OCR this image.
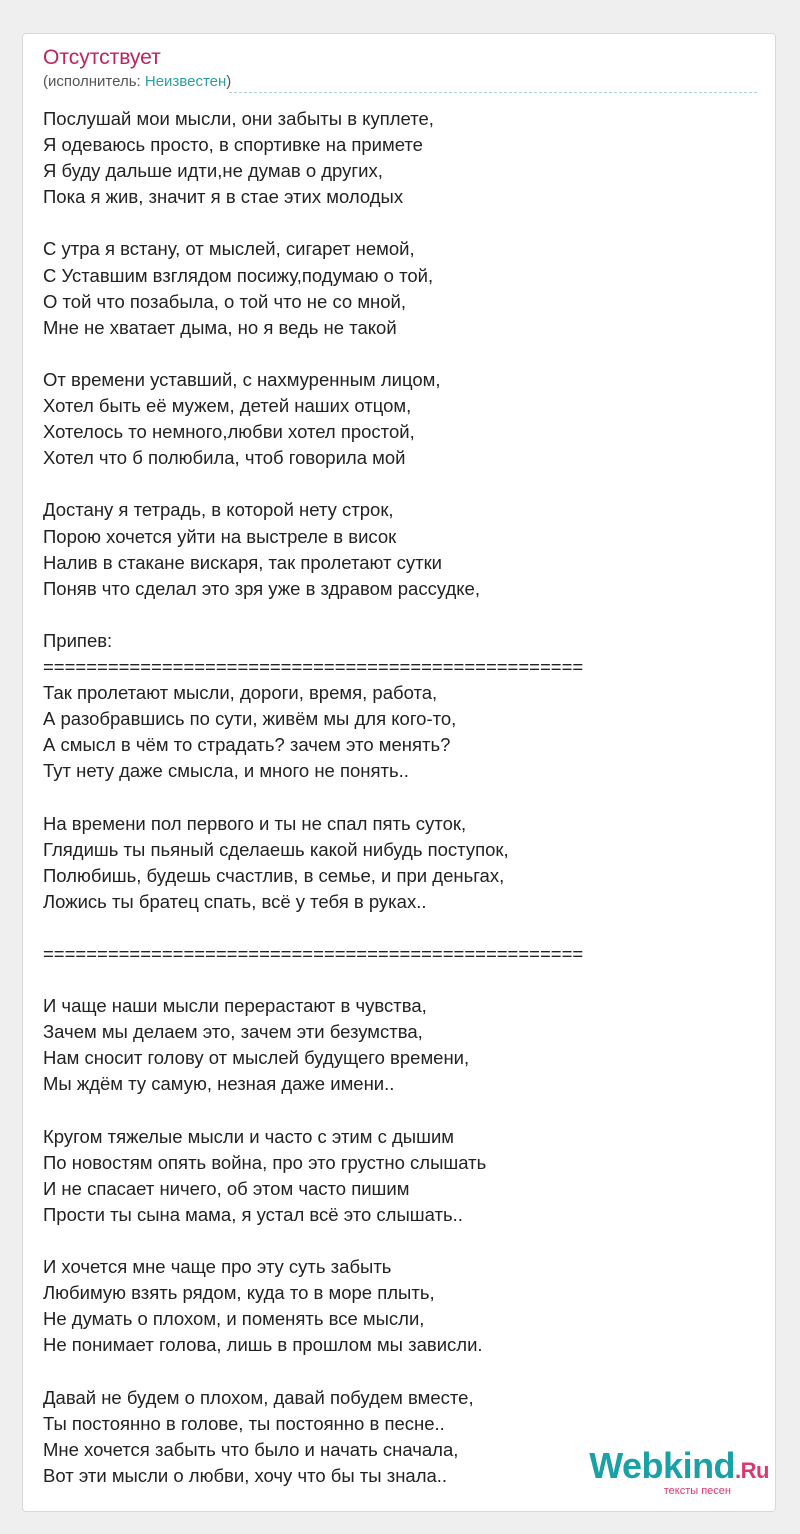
Отсутствует
(исполнитель: Неизвестен)
Послушай мои мысли, они забыты в куплете,
Я одеваюсь просто, в спортивке на примете
Я буду дальше идти,не думав о других,
Пока я жив, значит я в стае этих молодых
С утра я встану, от мыслей, сигарет немой,
С Уставшим взглядом посижу,подумаю о той,
О той что позабыла, о той что не со мной,
Мне не хватает дыма, но я ведь не такой
От времени уставший, с нахмуренным лицом,
Хотел быть её мужем, детей наших отцом,
Хотелось то немного,любви хотел простой,
Хотел что б полюбила, чтоб говорила мой
Достану я тетрадь, в которой нету строк,
Порою хочется уйти на выстреле в висок
Налив в стакане вискаря, так пролетают сутки
Поняв что сделал это зря уже в здравом рассудке,
Припев:
==================================================
Так пролетают мысли, дороги, время, работа,
А разобравшись по сути, живём мы для кого-то,
А смысл в чём то страдать? зачем это менять?
Тут нету даже смысла, и много не понять..
На времени пол первого и ты не спал пять суток,
Глядишь ты пьяный сделаешь какой нибудь поступок,
Полюбишь, будешь счастлив, в семье, и при деньгах,
Ложись ты братец спать, всё у тебя в руках..
==================================================
И чаще наши мысли перерастают в чувства,
Зачем мы делаем это, зачем эти безумства,
Нам сносит голову от мыслей будущего времени,
Мы ждём ту самую, незная даже имени..
Кругом тяжелые мысли и часто с этим с дышим
По новостям опять война, про это грустно слышать
И не спасает ничего, об этом часто пишим
Прости ты сына мама, я устал всё это слышать..
И хочется мне чаще про эту суть забыть
Любимую взять рядом, куда то в море плыть,
Не думать о плохом, и поменять все мысли,
Не понимает голова, лишь в прошлом мы зависли.
Давай не будем о плохом, давай побудем вместе,
Ты постоянно в голове, ты постоянно в песне..
Мне хочется забыть что было и начать сначала,
Вот эти мысли о любви, хочу что бы ты знала..	Webkind.Ru
тексты песен
